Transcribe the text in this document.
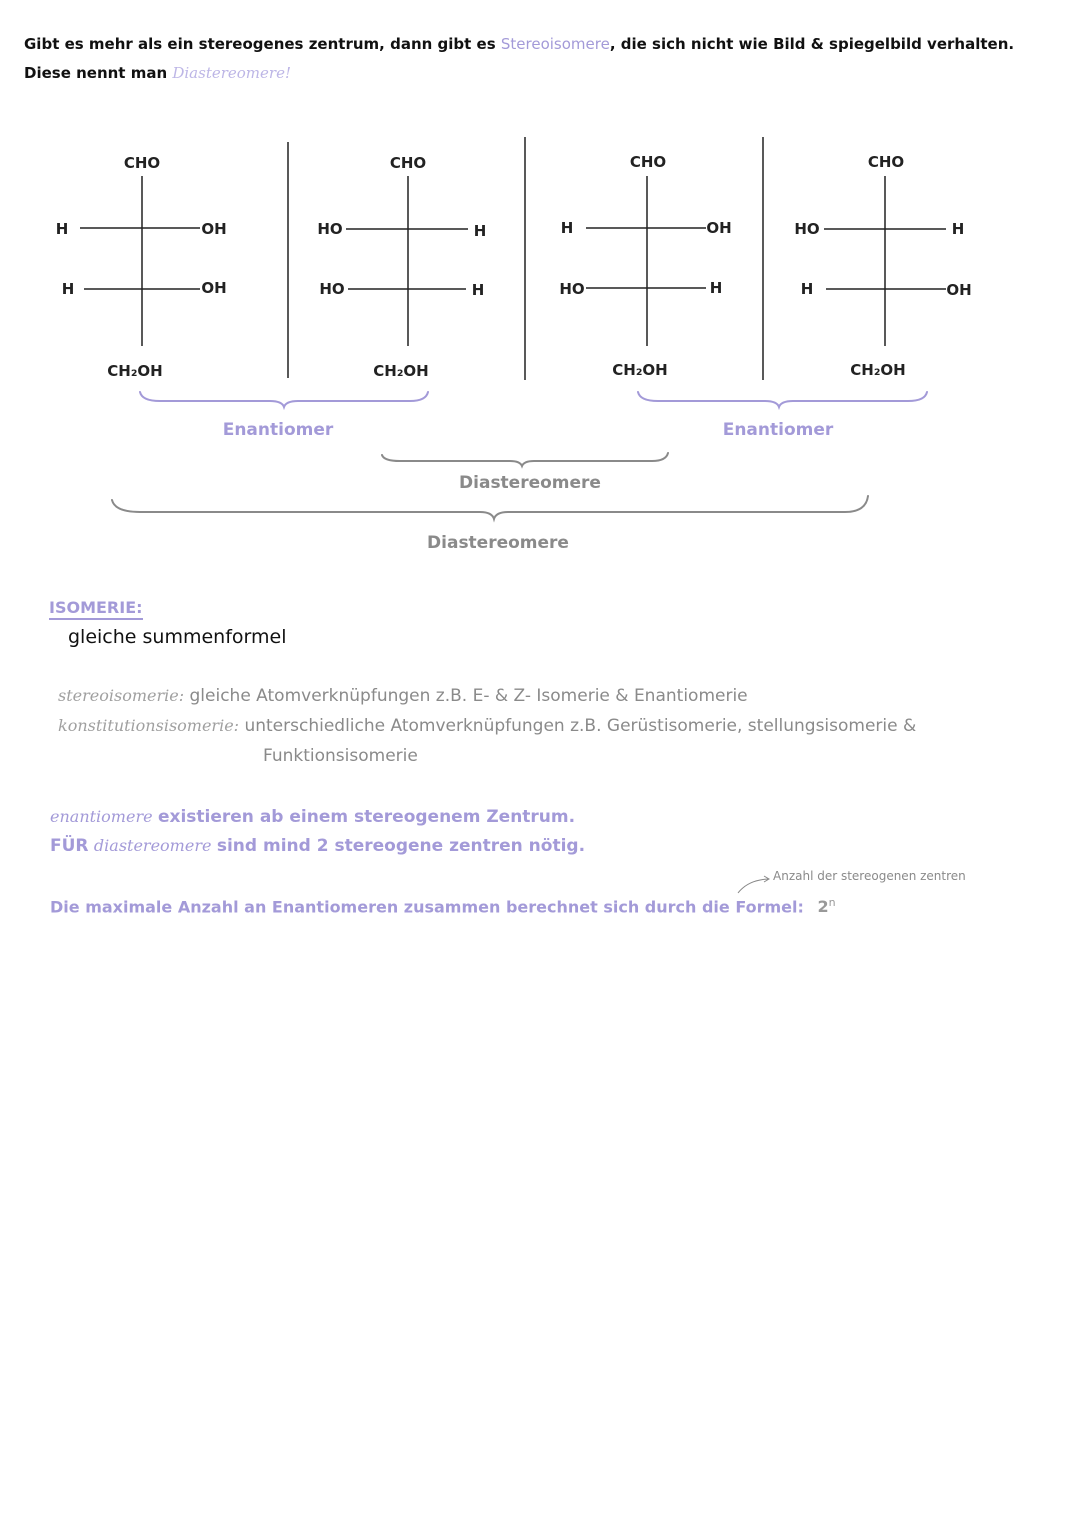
Gibt es mehr als ein stereogenes zentrum, dann gibt es Stereoisomere, die sich nicht wie Bild & spiegelbild verhalten.
Diese nennt man Diastereomere!
CHO
H	OH
H	OH
CH₂OH
CHO
HO	H
HO	H
CH₂OH
CHO
H	OH
HO	H
CH₂OH
CHO
HO	H
H	OH
CH₂OH
Enantiomer	Enantiomer
Diastereomere
Diastereomere
ISOMERIE:
gleiche summenformel
stereoisomerie: gleiche Atomverknüpfungen z.B. E- & Z- Isomerie & Enantiomerie
konstitutionsisomerie: unterschiedliche Atomverknüpfungen z.B. Gerüstisomerie, stellungsisomerie &
Funktionsisomerie
enantiomere existieren ab einem stereogenem Zentrum.
FÜR diastereomere sind mind 2 stereogene zentren nötig.
Die maximale Anzahl an Enantiomeren zusammen berechnet sich durch die Formel: 2$^n$
Anzahl der stereogenen zentren
